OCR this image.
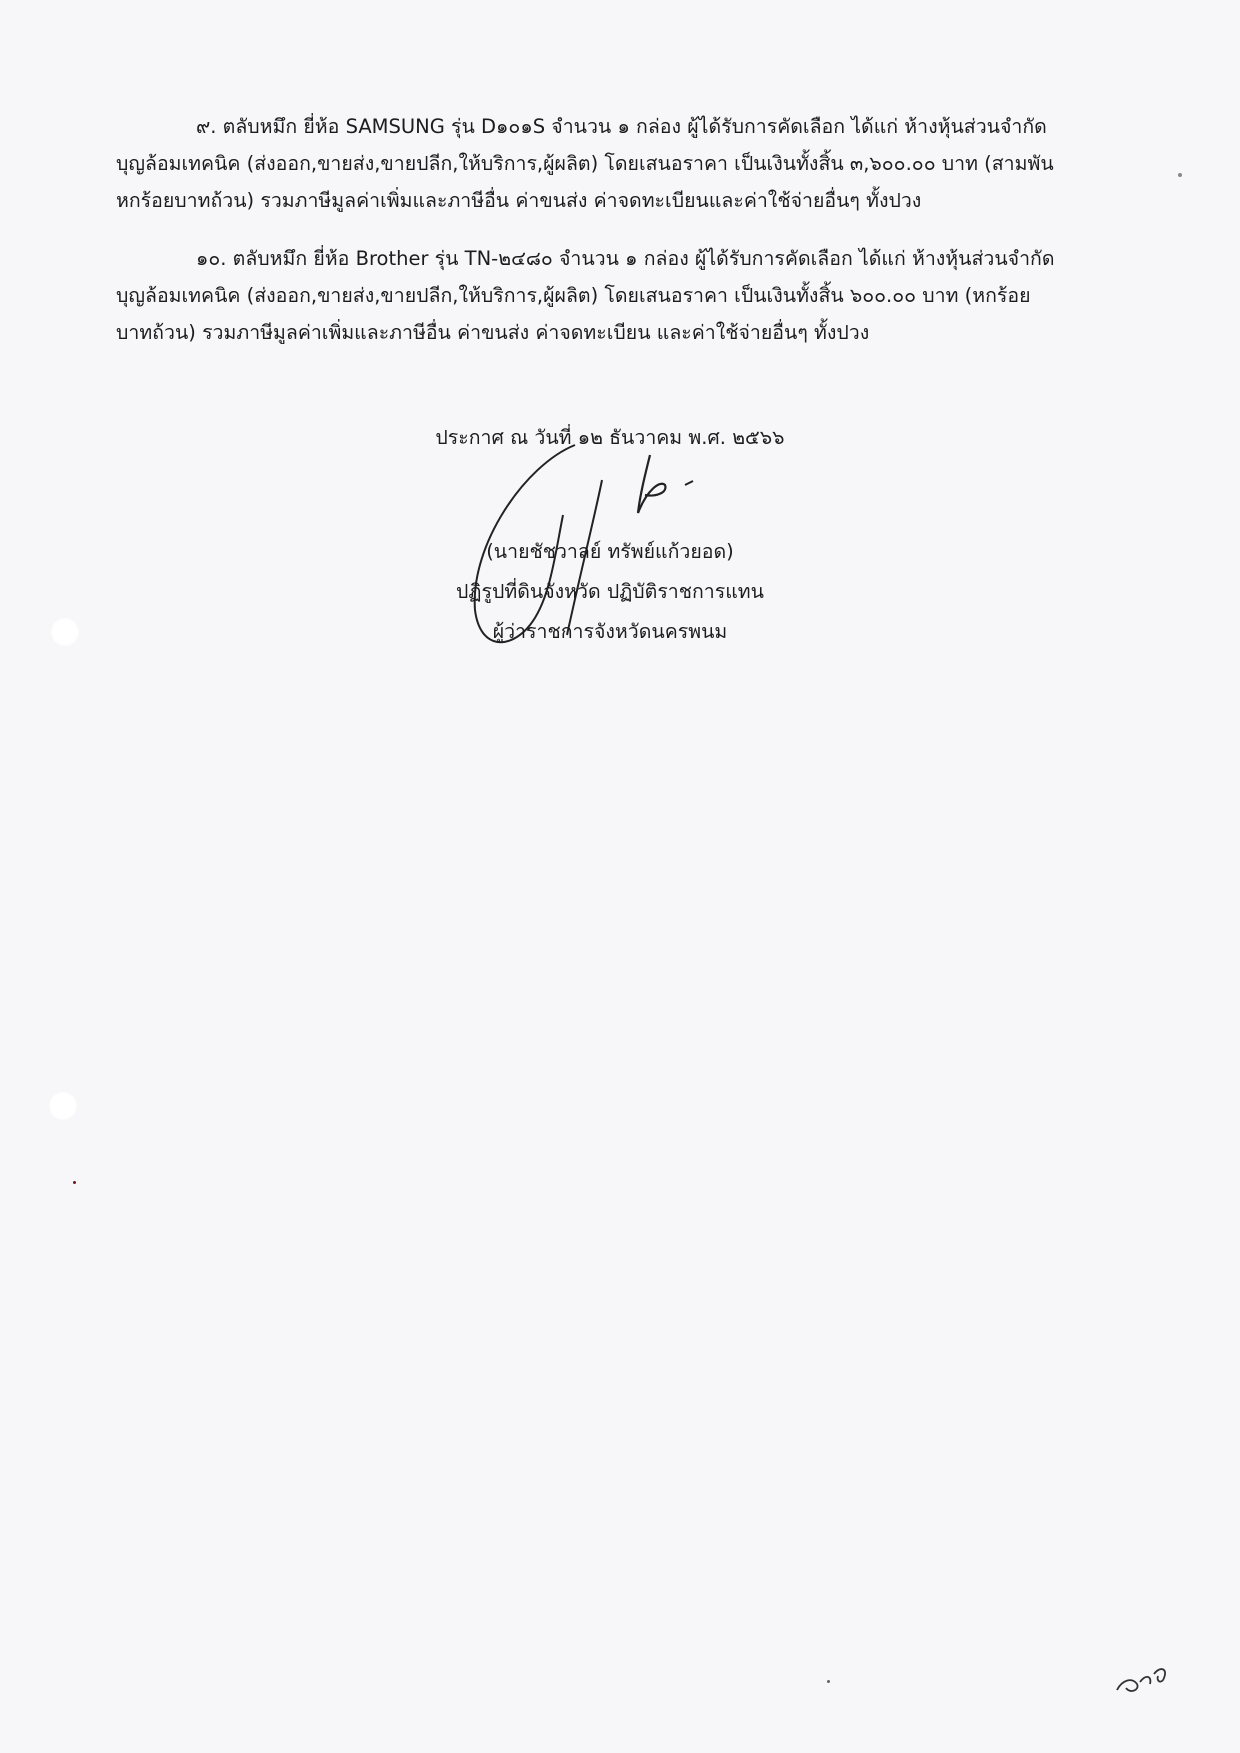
๙. ตลับหมึก ยี่ห้อ SAMSUNG รุ่น D๑๐๑S จำนวน ๑ กล่อง ผู้ได้รับการคัดเลือก ได้แก่ ห้างหุ้นส่วนจำกัด
บุญล้อมเทคนิค (ส่งออก,ขายส่ง,ขายปลีก,ให้บริการ,ผู้ผลิต) โดยเสนอราคา เป็นเงินทั้งสิ้น ๓,๖๐๐.๐๐ บาท (สามพัน
หกร้อยบาทถ้วน) รวมภาษีมูลค่าเพิ่มและภาษีอื่น ค่าขนส่ง ค่าจดทะเบียนและค่าใช้จ่ายอื่นๆ ทั้งปวง
๑๐. ตลับหมึก ยี่ห้อ Brother รุ่น TN-๒๔๘๐ จำนวน ๑ กล่อง ผู้ได้รับการคัดเลือก ได้แก่ ห้างหุ้นส่วนจำกัด
บุญล้อมเทคนิค (ส่งออก,ขายส่ง,ขายปลีก,ให้บริการ,ผู้ผลิต) โดยเสนอราคา เป็นเงินทั้งสิ้น ๖๐๐.๐๐ บาท (หกร้อย
บาทถ้วน) รวมภาษีมูลค่าเพิ่มและภาษีอื่น ค่าขนส่ง ค่าจดทะเบียน และค่าใช้จ่ายอื่นๆ ทั้งปวง
ประกาศ ณ วันที่ ๑๒ ธันวาคม พ.ศ. ๒๕๖๖
(นายชัชวาลย์ ทรัพย์แก้วยอด)
ปฏิรูปที่ดินจังหวัด ปฏิบัติราชการแทน
ผู้ว่าราชการจังหวัดนครพนม
